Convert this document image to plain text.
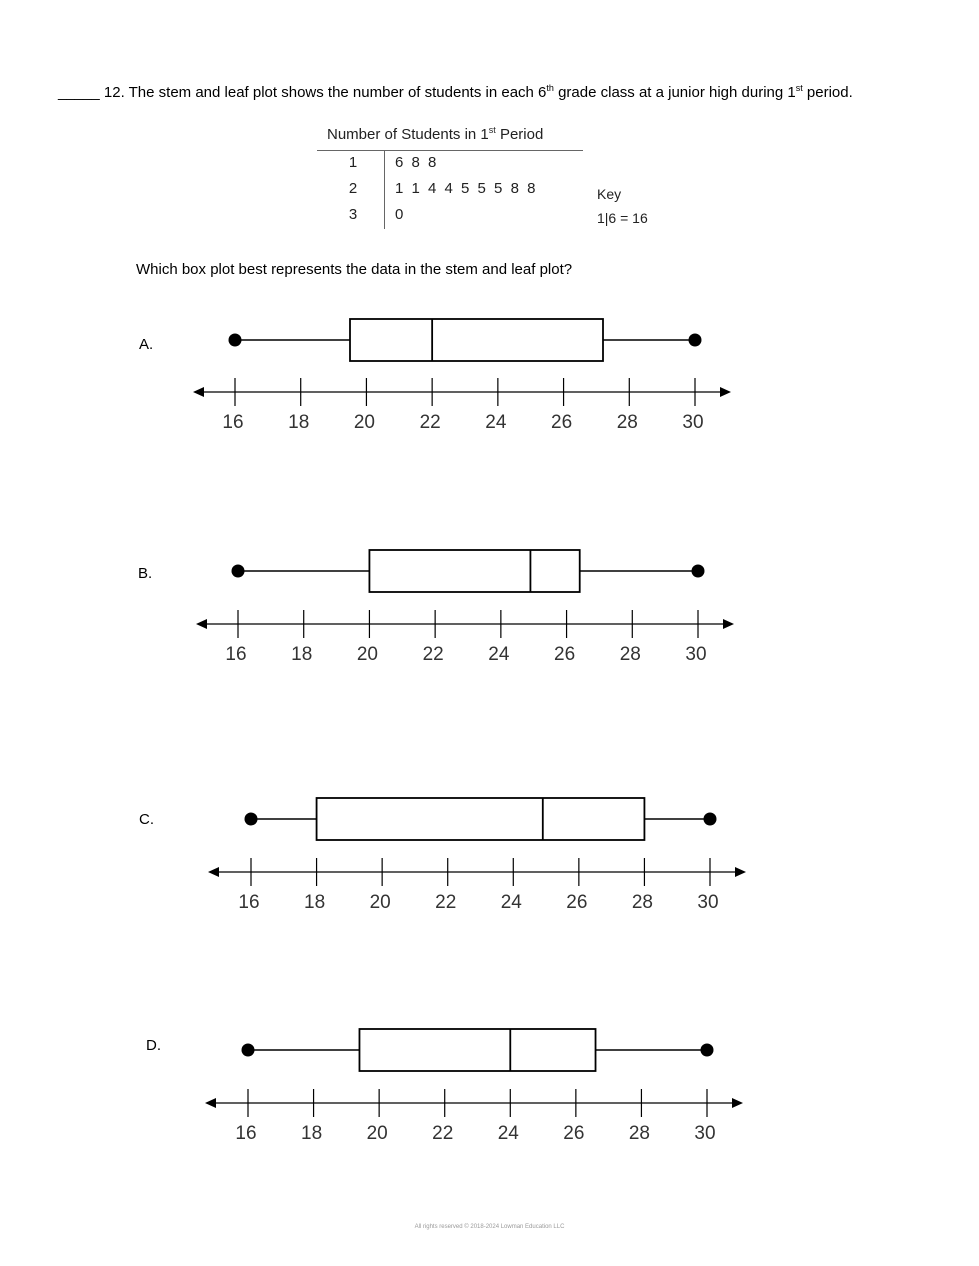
_____ 12. The stem and leaf plot shows the number of students in each 6th grade class at a junior high during 1st period.
Number of Students in 1st Period
1	6 8 8
2	1 1 4 4 5 5 5 8 8
3	0
Key
1|6 = 16
Which box plot best represents the data in the stem and leaf plot?
A.
B.
C.
D.
16 18 20 22 24 26 28 30
16 18 20 22 24 26 28 30
16 18 20 22 24 26 28 30
16 18 20 22 24 26 28 30
All rights reserved © 2018-2024 Lowman Education LLC
